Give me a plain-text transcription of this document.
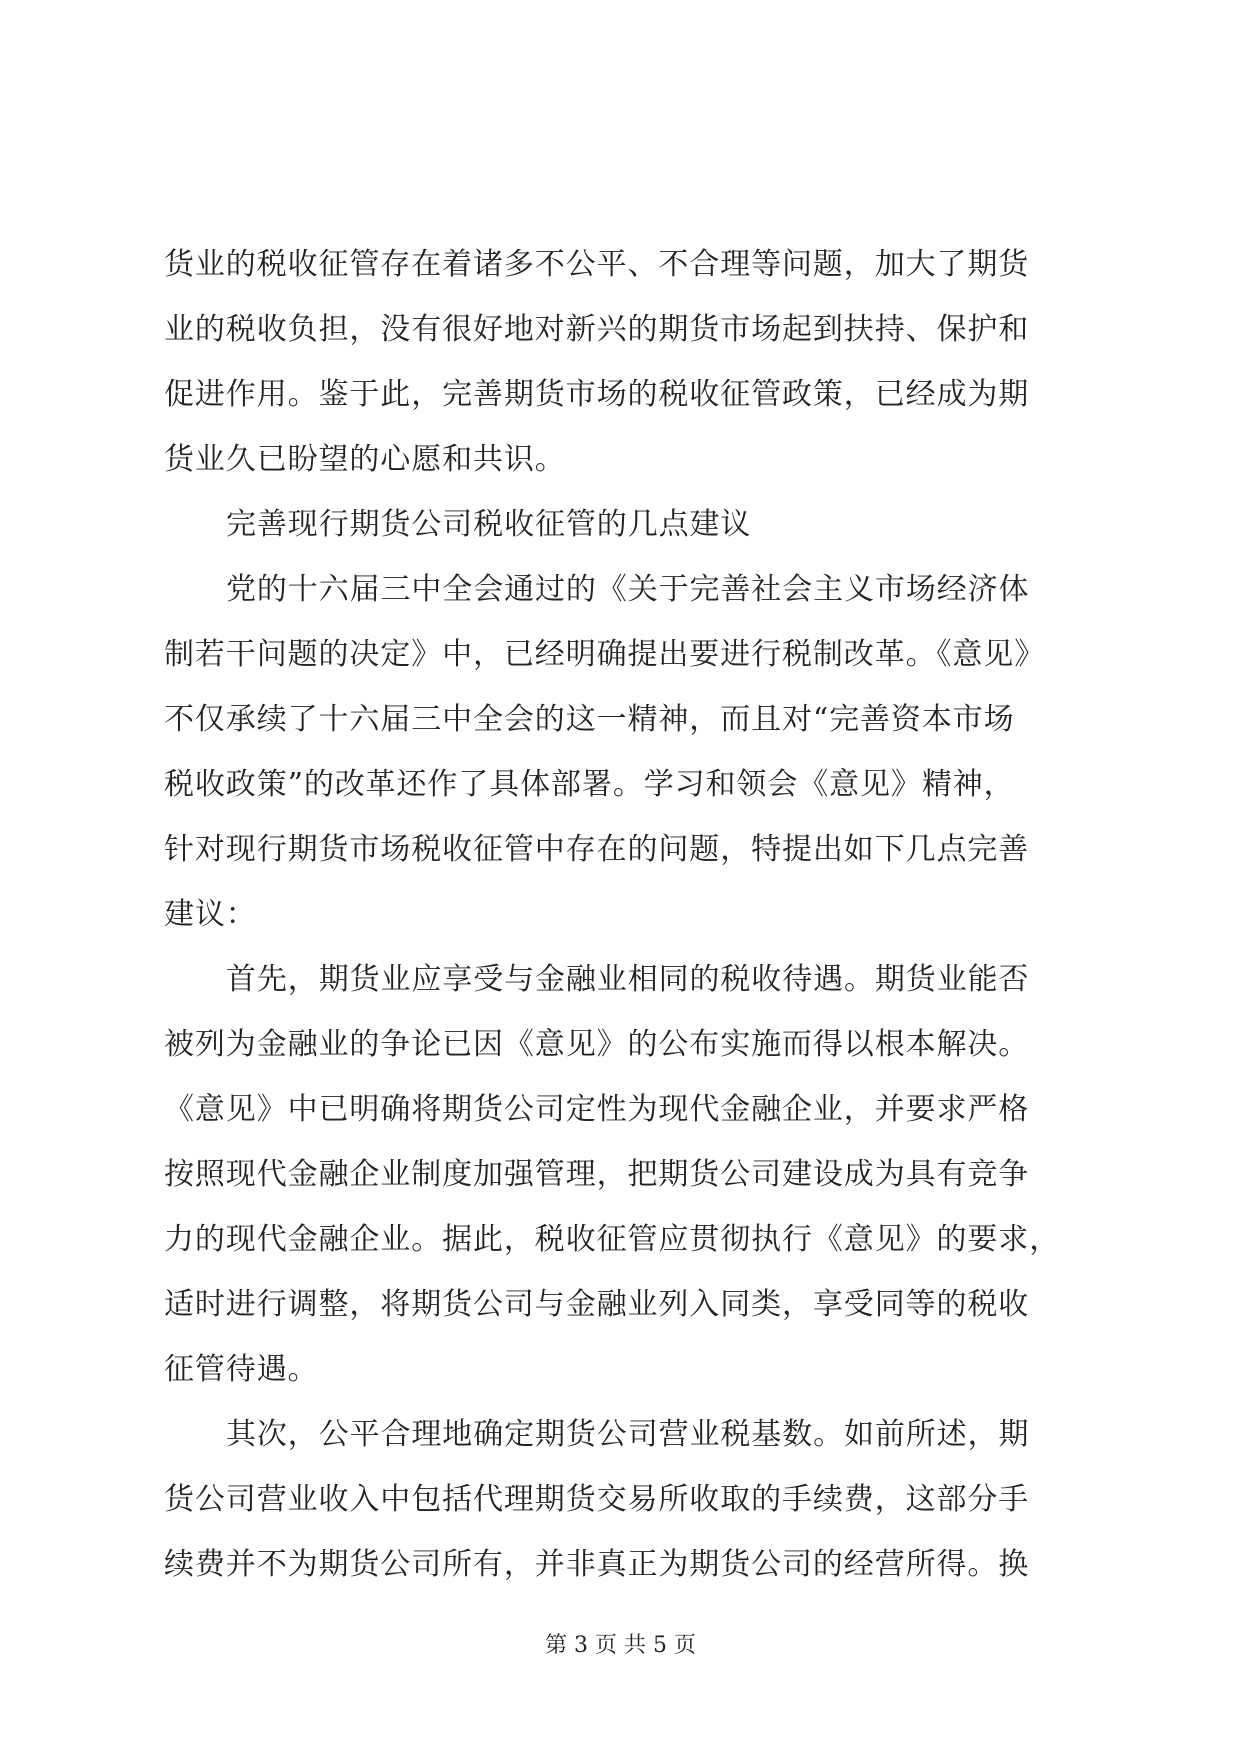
货业的税收征管存在着诸多不公平、不合理等问题，加大了期货
业的税收负担，没有很好地对新兴的期货市场起到扶持、保护和
促进作用。鉴于此，完善期货市场的税收征管政策，已经成为期
货业久已盼望的心愿和共识。
完善现行期货公司税收征管的几点建议
党的十六届三中全会通过的《关于完善社会主义市场经济体
制若干问题的决定》中，已经明确提出要进行税制改革。《意见》
不仅承续了十六届三中全会的这一精神，而且对“完善资本市场
税收政策”的改革还作了具体部署。学习和领会《意见》精神，
针对现行期货市场税收征管中存在的问题，特提出如下几点完善
建议：
首先，期货业应享受与金融业相同的税收待遇。期货业能否
被列为金融业的争论已因《意见》的公布实施而得以根本解决。
《意见》中已明确将期货公司定性为现代金融企业，并要求严格
按照现代金融企业制度加强管理，把期货公司建设成为具有竞争
力的现代金融企业。据此，税收征管应贯彻执行《意见》的要求，
适时进行调整，将期货公司与金融业列入同类，享受同等的税收
征管待遇。
其次，公平合理地确定期货公司营业税基数。如前所述，期
货公司营业收入中包括代理期货交易所收取的手续费，这部分手
续费并不为期货公司所有，并非真正为期货公司的经营所得。换
第 3 页 共 5 页
